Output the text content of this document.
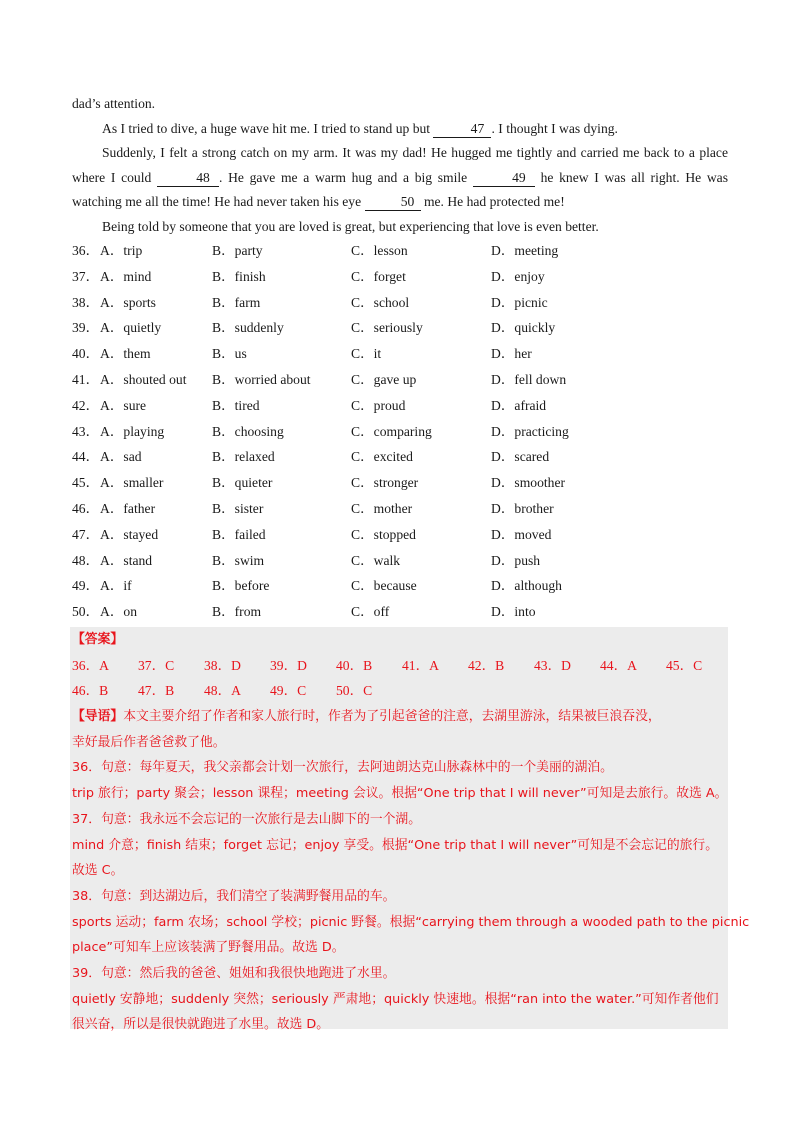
dad’s attention.

As I tried to dive, a huge wave hit me. I tried to stand up but	47 . I thought I was dying.

Suddenly, I felt a strong catch on my arm. It was my dad! He hugged me tightly and carried me back to a place where I could	48 . He gave me a warm hug and a big smile	49 he knew I was all right. He was watching me all the time! He had never taken his eye	50 me. He had protected me!

Being told by someone that you are loved is great, but experiencing that love is even better.

36． A．trip	B．party	C．lesson	D．meeting
37． A．mind	B．finish	C．forget	D．enjoy
38． A．sports	B．farm	C．school	D．picnic
39． A．quietly	B．suddenly	C．seriously	D．quickly
40． A．them	B．us	C．it	D．her
41． A．shouted out B．worried about	C．gave up	D．fell down
42． A．sure	B．tired	C．proud	D．afraid
43． A．playing	B．choosing	C．comparing	D．practicing
44． A．sad	B．relaxed	C．excited	D．scared
45． A．smaller	B．quieter	C．stronger	D．smoother
46． A．father	B．sister	C．mother	D．brother
47． A．stayed	B．failed	C．stopped	D．moved
48． A．stand	B．swim	C．walk	D．push
49． A．if	B．before	C．because	D．although
50． A．on	B．from	C．off	D．into
【答案】
36．A 37．C 38．D 39．D 40．B 41．A 42．B 43．D 44．A 45．C
46．B 47．B 48．A 49．C 50．C
【导语】本文主要介绍了作者和家人旅行时，作者为了引起爸爸的注意，去湖里游泳，结果被巨浪吞没，
幸好最后作者爸爸救了他。
36．句意：每年夏天，我父亲都会计划一次旅行，去阿迪朗达克山脉森林中的一个美丽的湖泊。
trip 旅行；party 聚会；lesson 课程；meeting 会议。根据“One trip that I will never”可知是去旅行。故选 A。
37．句意：我永远不会忘记的一次旅行是去山脚下的一个湖。
mind 介意；finish 结束；forget 忘记；enjoy 享受。根据“One trip that I will never”可知是不会忘记的旅行。
故选 C。
38．句意：到达湖边后，我们清空了装满野餐用品的车。
sports 运动；farm 农场；school 学校；picnic 野餐。根据“carrying them through a wooded path to the picnic
place”可知车上应该装满了野餐用品。故选 D。
39．句意：然后我的爸爸、姐姐和我很快地跑进了水里。
quietly 安静地；suddenly 突然；seriously 严肃地；quickly 快速地。根据“ran into the water.”可知作者他们
很兴奋，所以是很快就跑进了水里。故选 D。
